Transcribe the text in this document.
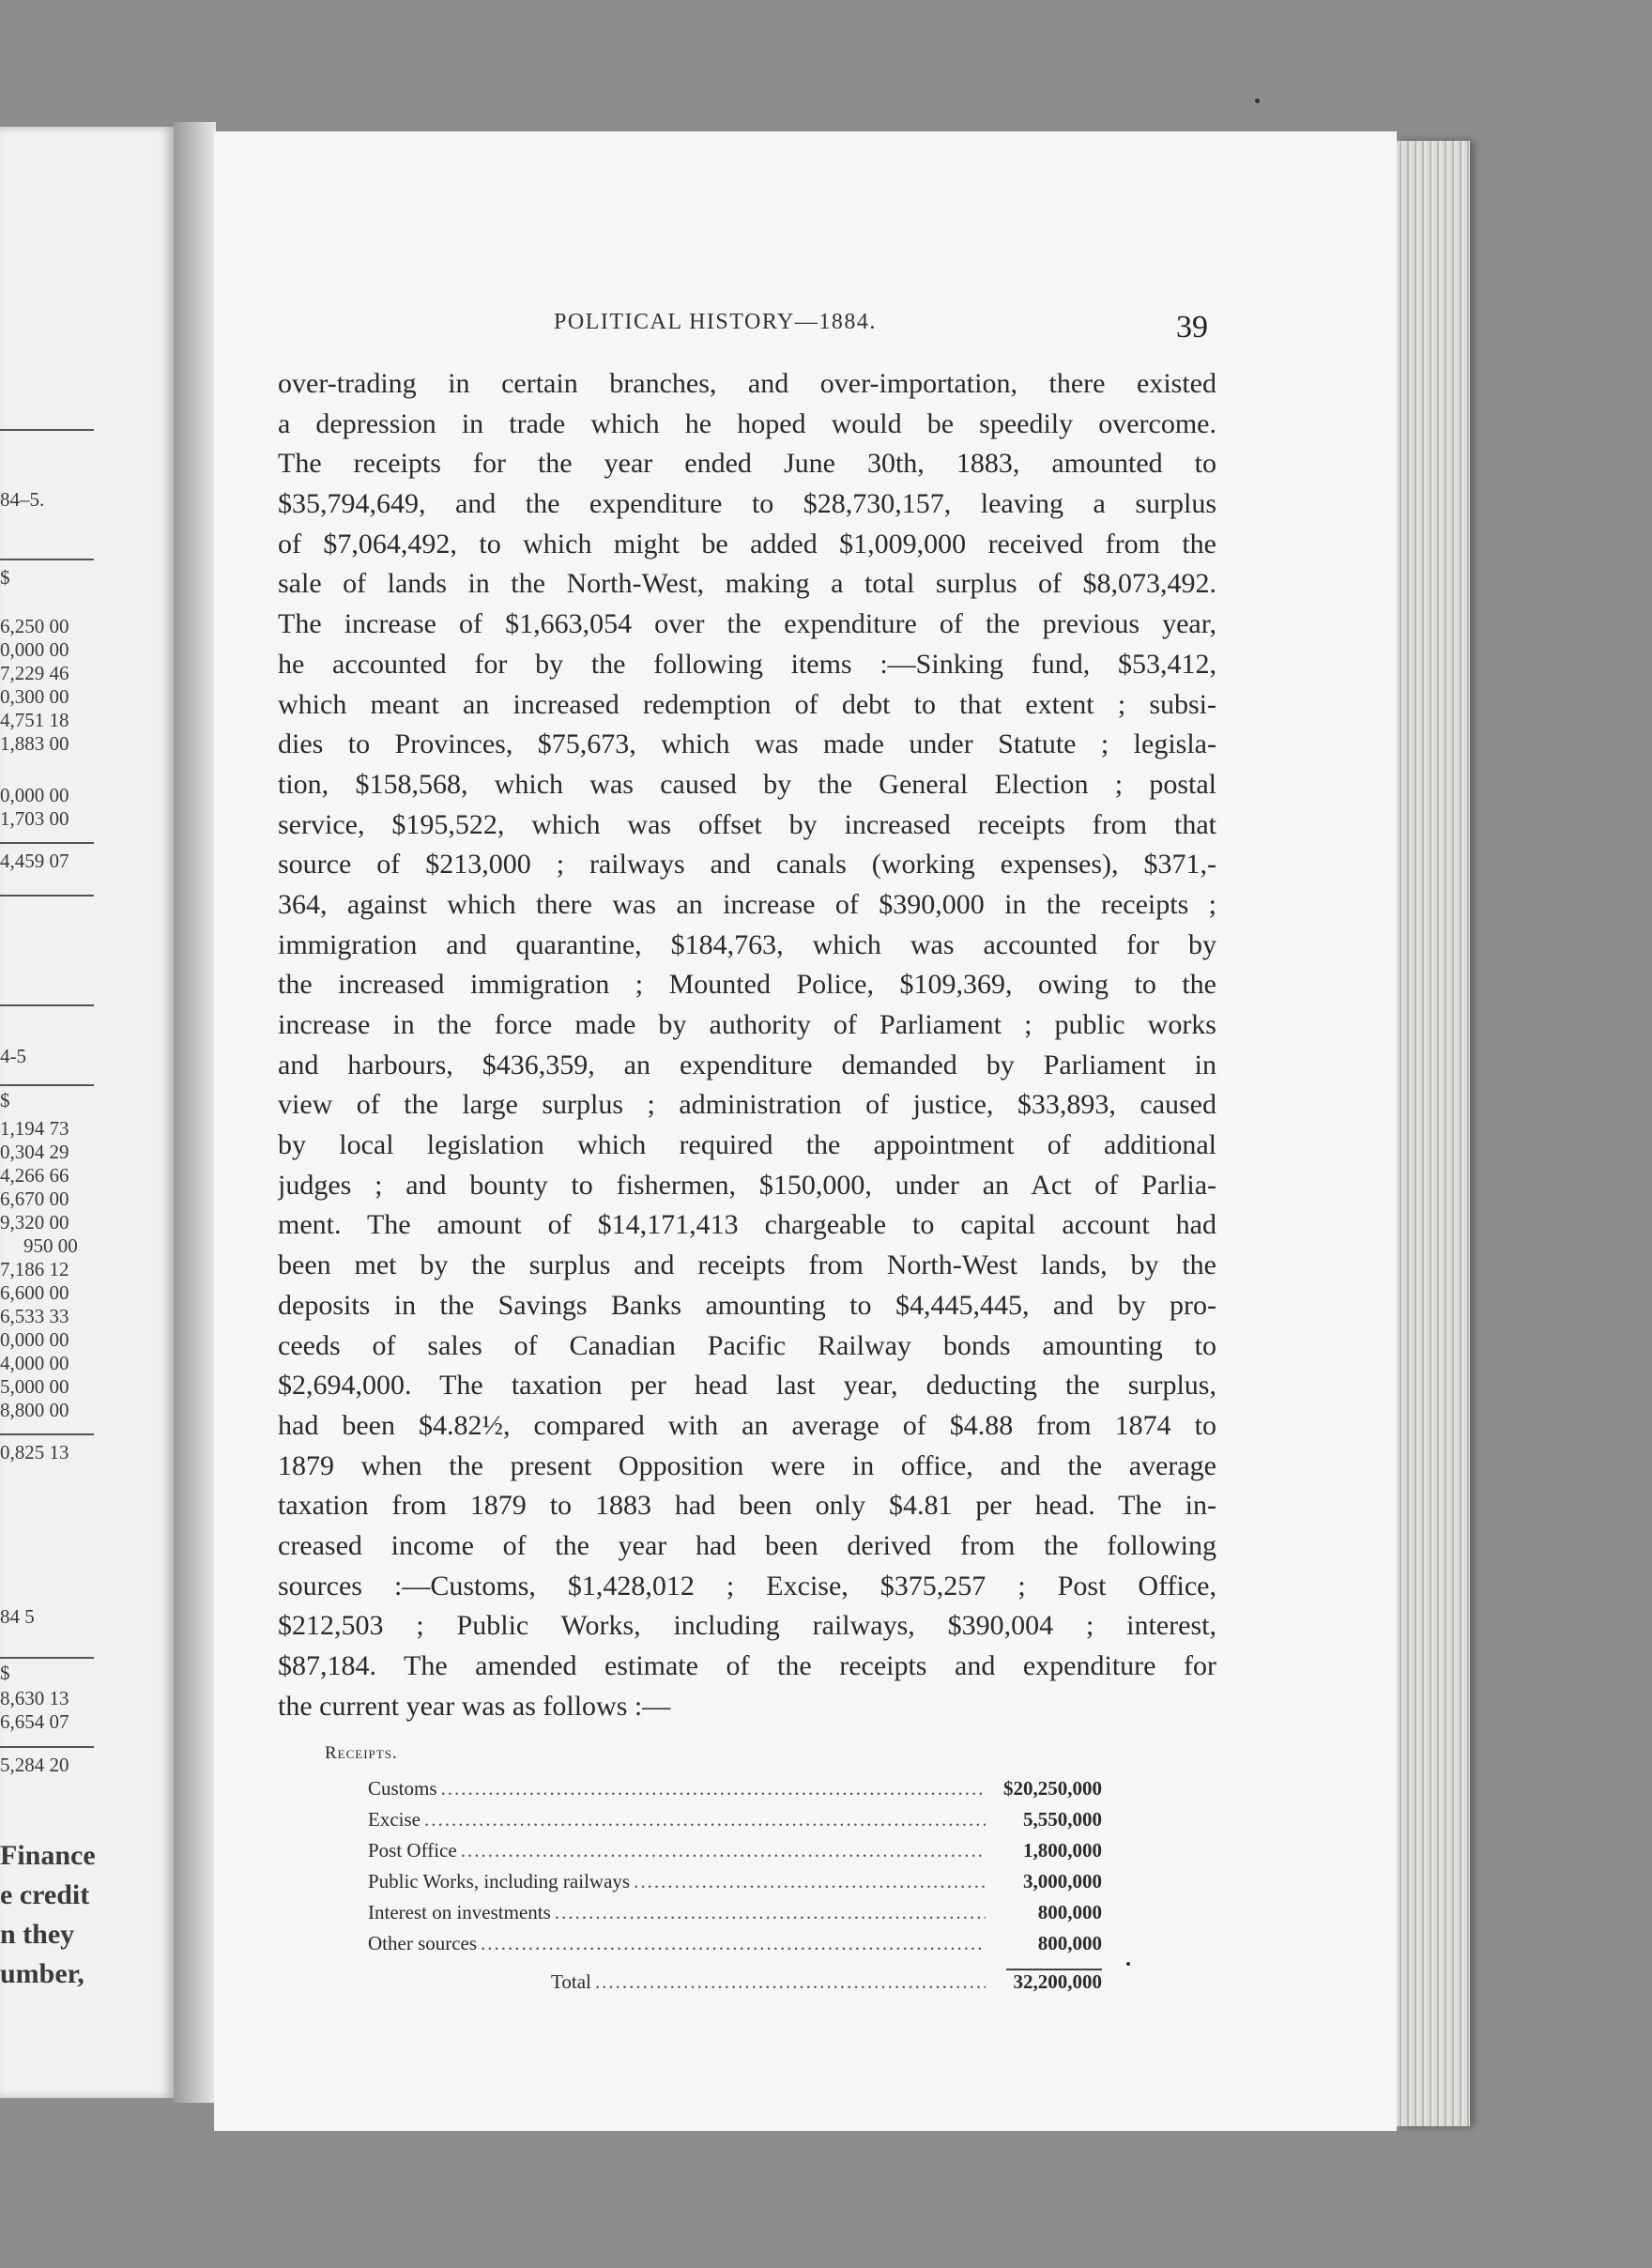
84–5.
$
6,250 00
0,000 00
7,229 46
0,300 00
4,751 18
1,883 00
0,000 00
1,703 00
4,459 07
4-5
$
1,194 73
0,304 29
4,266 66
6,670 00
9,320 00
950 00
7,186 12
6,600 00
6,533 33
0,000 00
4,000 00
5,000 00
8,800 00
0,825 13
84 5
$
8,630 13
6,654 07
5,284 20
Finance
e credit
n they
umber,
POLITICAL HISTORY—1884.	39
over-trading in certain branches, and over-importation, there existed
a depression in trade which he hoped would be speedily overcome.
The receipts for the year ended June 30th, 1883, amounted to
$35,794,649, and the expenditure to $28,730,157, leaving a surplus
of $7,064,492, to which might be added $1,009,000 received from the
sale of lands in the North-West, making a total surplus of $8,073,492.
The increase of $1,663,054 over the expenditure of the previous year,
he accounted for by the following items :—Sinking fund, $53,412,
which meant an increased redemption of debt to that extent ; subsi-
dies to Provinces, $75,673, which was made under Statute ; legisla-
tion, $158,568, which was caused by the General Election ; postal
service, $195,522, which was offset by increased receipts from that
source of $213,000 ; railways and canals (working expenses), $371,-
364, against which there was an increase of $390,000 in the receipts ;
immigration and quarantine, $184,763, which was accounted for by
the increased immigration ; Mounted Police, $109,369, owing to the
increase in the force made by authority of Parliament ; public works
and harbours, $436,359, an expenditure demanded by Parliament in
view of the large surplus ; administration of justice, $33,893, caused
by local legislation which required the appointment of additional
judges ; and bounty to fishermen, $150,000, under an Act of Parlia-
ment. The amount of $14,171,413 chargeable to capital account had
been met by the surplus and receipts from North-West lands, by the
deposits in the Savings Banks amounting to $4,445,445, and by pro-
ceeds of sales of Canadian Pacific Railway bonds amounting to
$2,694,000. The taxation per head last year, deducting the surplus,
had been $4.82½, compared with an average of $4.88 from 1874 to
1879 when the present Opposition were in office, and the average
taxation from 1879 to 1883 had been only $4.81 per head. The in-
creased income of the year had been derived from the following
sources :—Customs, $1,428,012 ; Excise, $375,257 ; Post Office,
$212,503 ; Public Works, including railways, $390,004 ; interest,
$87,184. The amended estimate of the receipts and expenditure for
the current year was as follows :—
Receipts.
Customs .....	$20,250,000
Excise .....	5,550,000
Post Office .....	1,800,000
Public Works, including railways .....	3,000,000
Interest on investments .....	800,000
Other sources .....	800,000
Total .....	32,200,000
